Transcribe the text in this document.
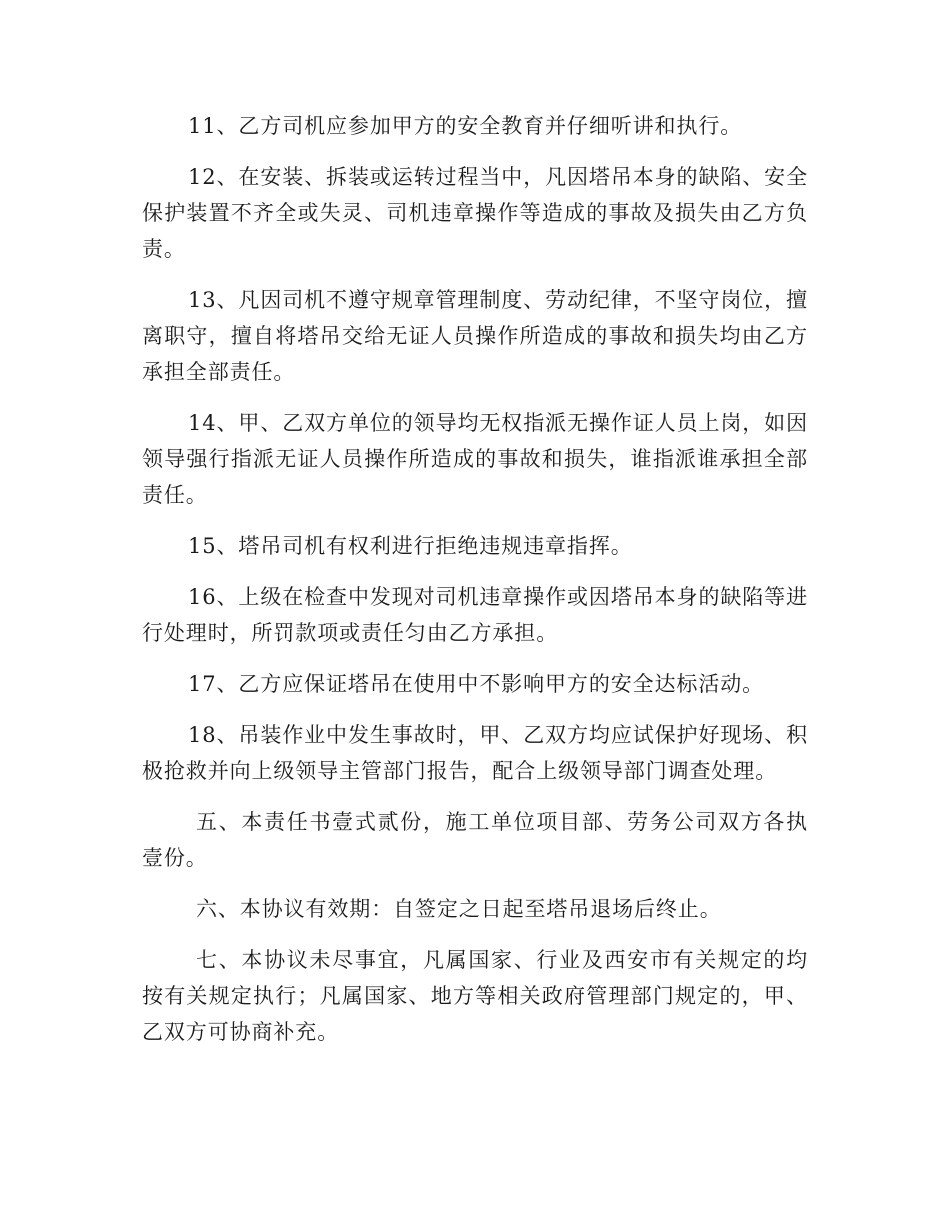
11、乙方司机应参加甲方的安全教育并仔细听讲和执行。

12、在安装、拆装或运转过程当中，凡因塔吊本身的缺陷、安全保护装置不齐全或失灵、司机违章操作等造成的事故及损失由乙方负责。

13、凡因司机不遵守规章管理制度、劳动纪律，不坚守岗位，擅离职守，擅自将塔吊交给无证人员操作所造成的事故和损失均由乙方承担全部责任。

14、甲、乙双方单位的领导均无权指派无操作证人员上岗，如因领导强行指派无证人员操作所造成的事故和损失，谁指派谁承担全部责任。

15、塔吊司机有权利进行拒绝违规违章指挥。

16、上级在检查中发现对司机违章操作或因塔吊本身的缺陷等进行处理时，所罚款项或责任匀由乙方承担。

17、乙方应保证塔吊在使用中不影响甲方的安全达标活动。

18、吊装作业中发生事故时，甲、乙双方均应试保护好现场、积极抢救并向上级领导主管部门报告，配合上级领导部门调查处理。

五、本责任书壹式贰份，施工单位项目部、劳务公司双方各执壹份。

六、本协议有效期：自签定之日起至塔吊退场后终止。

七、本协议未尽事宜，凡属国家、行业及西安市有关规定的均按有关规定执行；凡属国家、地方等相关政府管理部门规定的，甲、乙双方可协商补充。
